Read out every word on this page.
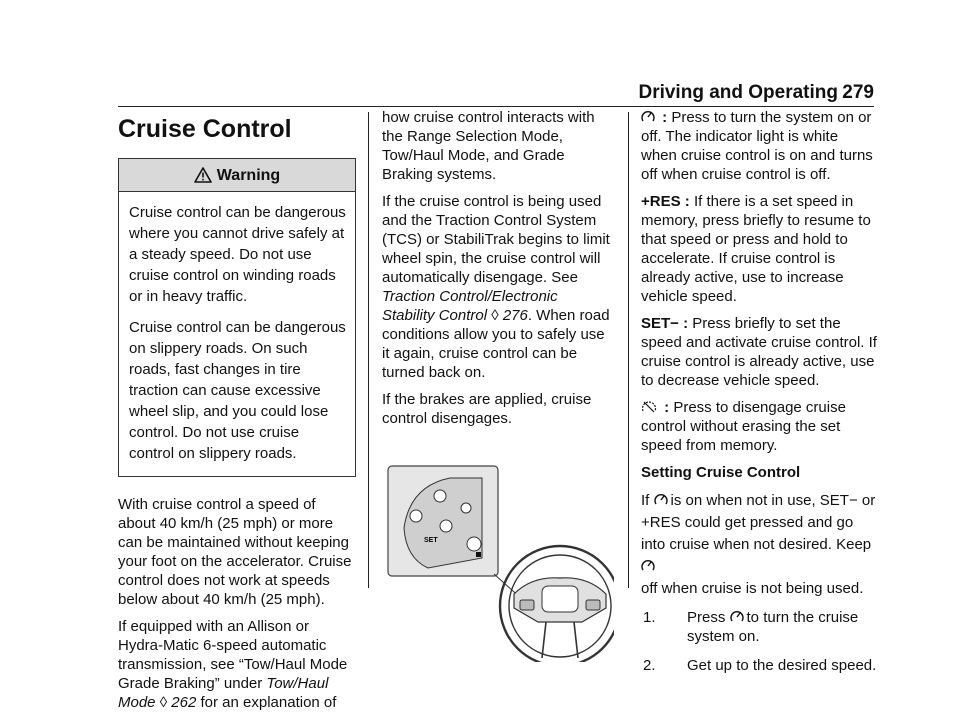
Driving and Operating 279
Cruise Control
Warning

Cruise control can be dangerous where you cannot drive safely at a steady speed. Do not use cruise control on winding roads or in heavy traffic.

Cruise control can be dangerous on slippery roads. On such roads, fast changes in tire traction can cause excessive wheel slip, and you could lose control. Do not use cruise control on slippery roads.

With cruise control a speed of about 40 km/h (25 mph) or more can be maintained without keeping your foot on the accelerator. Cruise control does not work at speeds below about 40 km/h (25 mph).

If equipped with an Allison or Hydra-Matic 6-speed automatic transmission, see “Tow/Haul Mode Grade Braking” under Tow/Haul Mode ◊ 262 for an explanation of

how cruise control interacts with the Range Selection Mode, Tow/Haul Mode, and Grade Braking systems.

If the cruise control is being used and the Traction Control System (TCS) or StabiliTrak begins to limit wheel spin, the cruise control will automatically disengage. See Traction Control/Electronic Stability Control ◊ 276. When road conditions allow you to safely use it again, cruise control can be turned back on.

If the brakes are applied, cruise control disengages.

SET

: Press to turn the system on or off. The indicator light is white when cruise control is on and turns off when cruise control is off.

+RES : If there is a set speed in memory, press briefly to resume to that speed or press and hold to accelerate. If cruise control is already active, use to increase vehicle speed.

SET− : Press briefly to set the speed and activate cruise control. If cruise control is already active, use to decrease vehicle speed.

: Press to disengage cruise control without erasing the set speed from memory.

Setting Cruise Control

If is on when not in use, SET− or +RES could get pressed and go into cruise when not desired. Keep
off when cruise is not being used.

1. Press to turn the cruise system on.
2. Get up to the desired speed.
